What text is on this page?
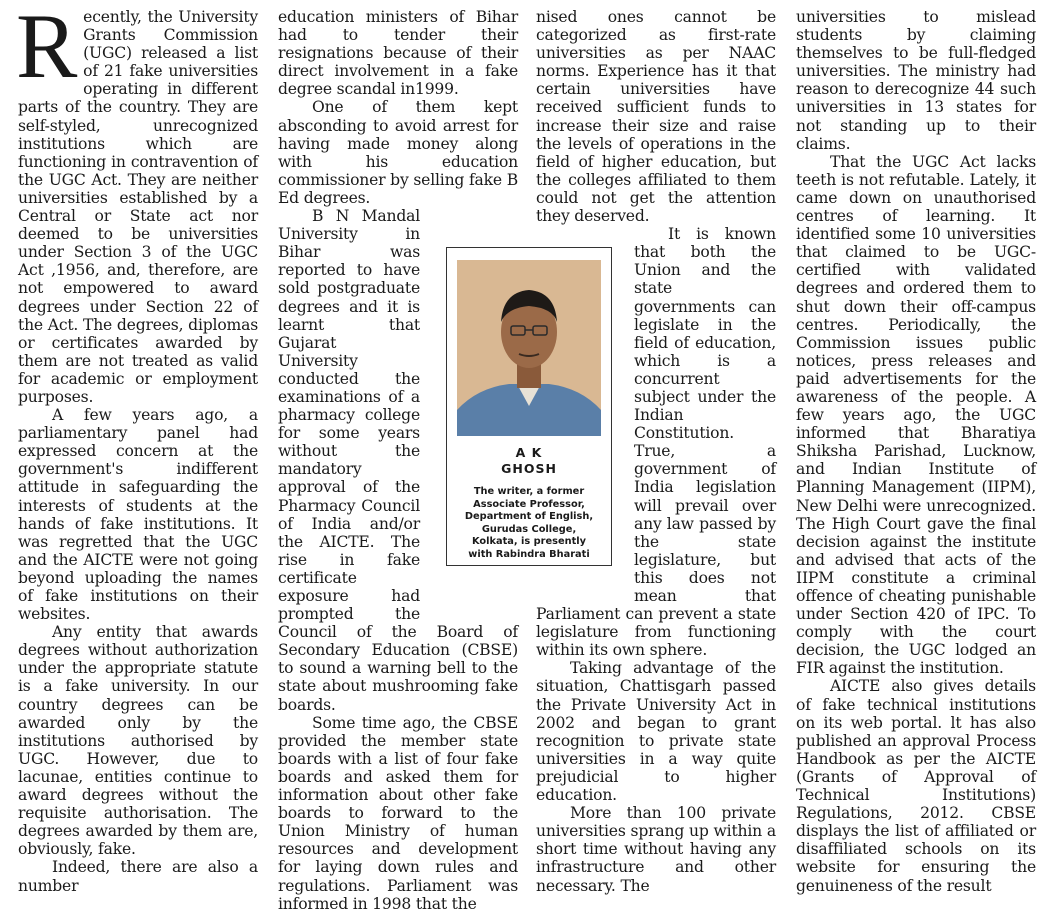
R ecently, the University Grants Commission (UGC) released a list of 21 fake universities operating in different parts of the country. They are self-styled, unrecognized institutions which are functioning in contravention of the UGC Act. They are neither universities established by a Central or State act nor deemed to be universities under Section 3 of the UGC Act ,1956, and, therefore, are not empowered to award degrees under Section 22 of the Act. The degrees, diplomas or certificates awarded by them are not treated as valid for academic or employment purposes.

A few years ago, a parliamentary panel had expressed concern at the government's indifferent attitude in safeguarding the interests of students at the hands of fake institutions. It was regretted that the UGC and the AICTE were not going beyond uploading the names of fake institutions on their websites.

Any entity that awards degrees without authorization under the appropriate statute is a fake university. In our country degrees can be awarded only by the institutions authorised by UGC. However, due to lacunae, entities continue to award degrees without the requisite authorisation. The degrees awarded by them are, obviously, fake.

Indeed, there are also a number

education ministers of Bihar had to tender their resignations because of their direct involvement in a fake degree scandal in1999.

One of them kept absconding to avoid arrest for having made money along with his education commissioner by selling fake B Ed degrees.

B N Mandal University in Bihar was reported to have sold postgraduate degrees and it is learnt that Gujarat University conducted the examinations of a pharmacy college for some years without the mandatory approval of the Pharmacy Council of India and/or the AICTE. The rise in fake certificate exposure had prompted the Council of the Board of Secondary Education (CBSE) to sound a warning bell to the state about mushrooming fake boards.

Some time ago, the CBSE provided the member state boards with a list of four fake boards and asked them for information about other fake boards to forward to the Union Ministry of human resources and development for laying down rules and regulations. Parliament was informed in 1998 that the

nised ones cannot be categorized as first-rate universities as per NAAC norms. Experience has it that certain universities have received sufficient funds to increase their size and raise the levels of operations in the field of higher education, but the colleges affiliated to them could not get the attention they deserved.

It is known that both the Union and the state governments can legislate in the field of education, which is a concurrent subject under the Indian Constitution. True, a government of India legislation will prevail over any law passed by the state legislature, but this does not mean that Parliament can prevent a state legislature from functioning within its own sphere.

Taking advantage of the situation, Chattisgarh passed the Private University Act in 2002 and began to grant recognition to private state universities in a way quite prejudicial to higher education.

More than 100 private universities sprang up within a short time without having any infrastructure and other necessary. The

universities to mislead students by claiming themselves to be full-fledged universities. The ministry had reason to derecognize 44 such universities in 13 states for not standing up to their claims.

That the UGC Act lacks teeth is not refutable. Lately, it came down on unauthorised centres of learning. It identified some 10 universities that claimed to be UGC-certified with validated degrees and ordered them to shut down their off-campus centres. Periodically, the Commission issues public notices, press releases and paid advertisements for the awareness of the people. A few years ago, the UGC informed that Bharatiya Shiksha Parishad, Lucknow, and Indian Institute of Planning Management (IIPM), New Delhi were unrecognized. The High Court gave the final decision against the institute and advised that acts of the IIPM constitute a criminal offence of cheating punishable under Section 420 of IPC. To comply with the court decision, the UGC lodged an FIR against the institution.

AICTE also gives details of fake technical institutions on its web portal. lt has also published an approval Process Handbook as per the AICTE (Grants of Approval of Technical Institutions) Regulations, 2012. CBSE displays the list of affiliated or disaffiliated schools on its website for ensuring the genuineness of the result

A K
GHOSH
The writer, a former Associate Professor, Department of English, Gurudas College, Kolkata, is presently with Rabindra Bharati
